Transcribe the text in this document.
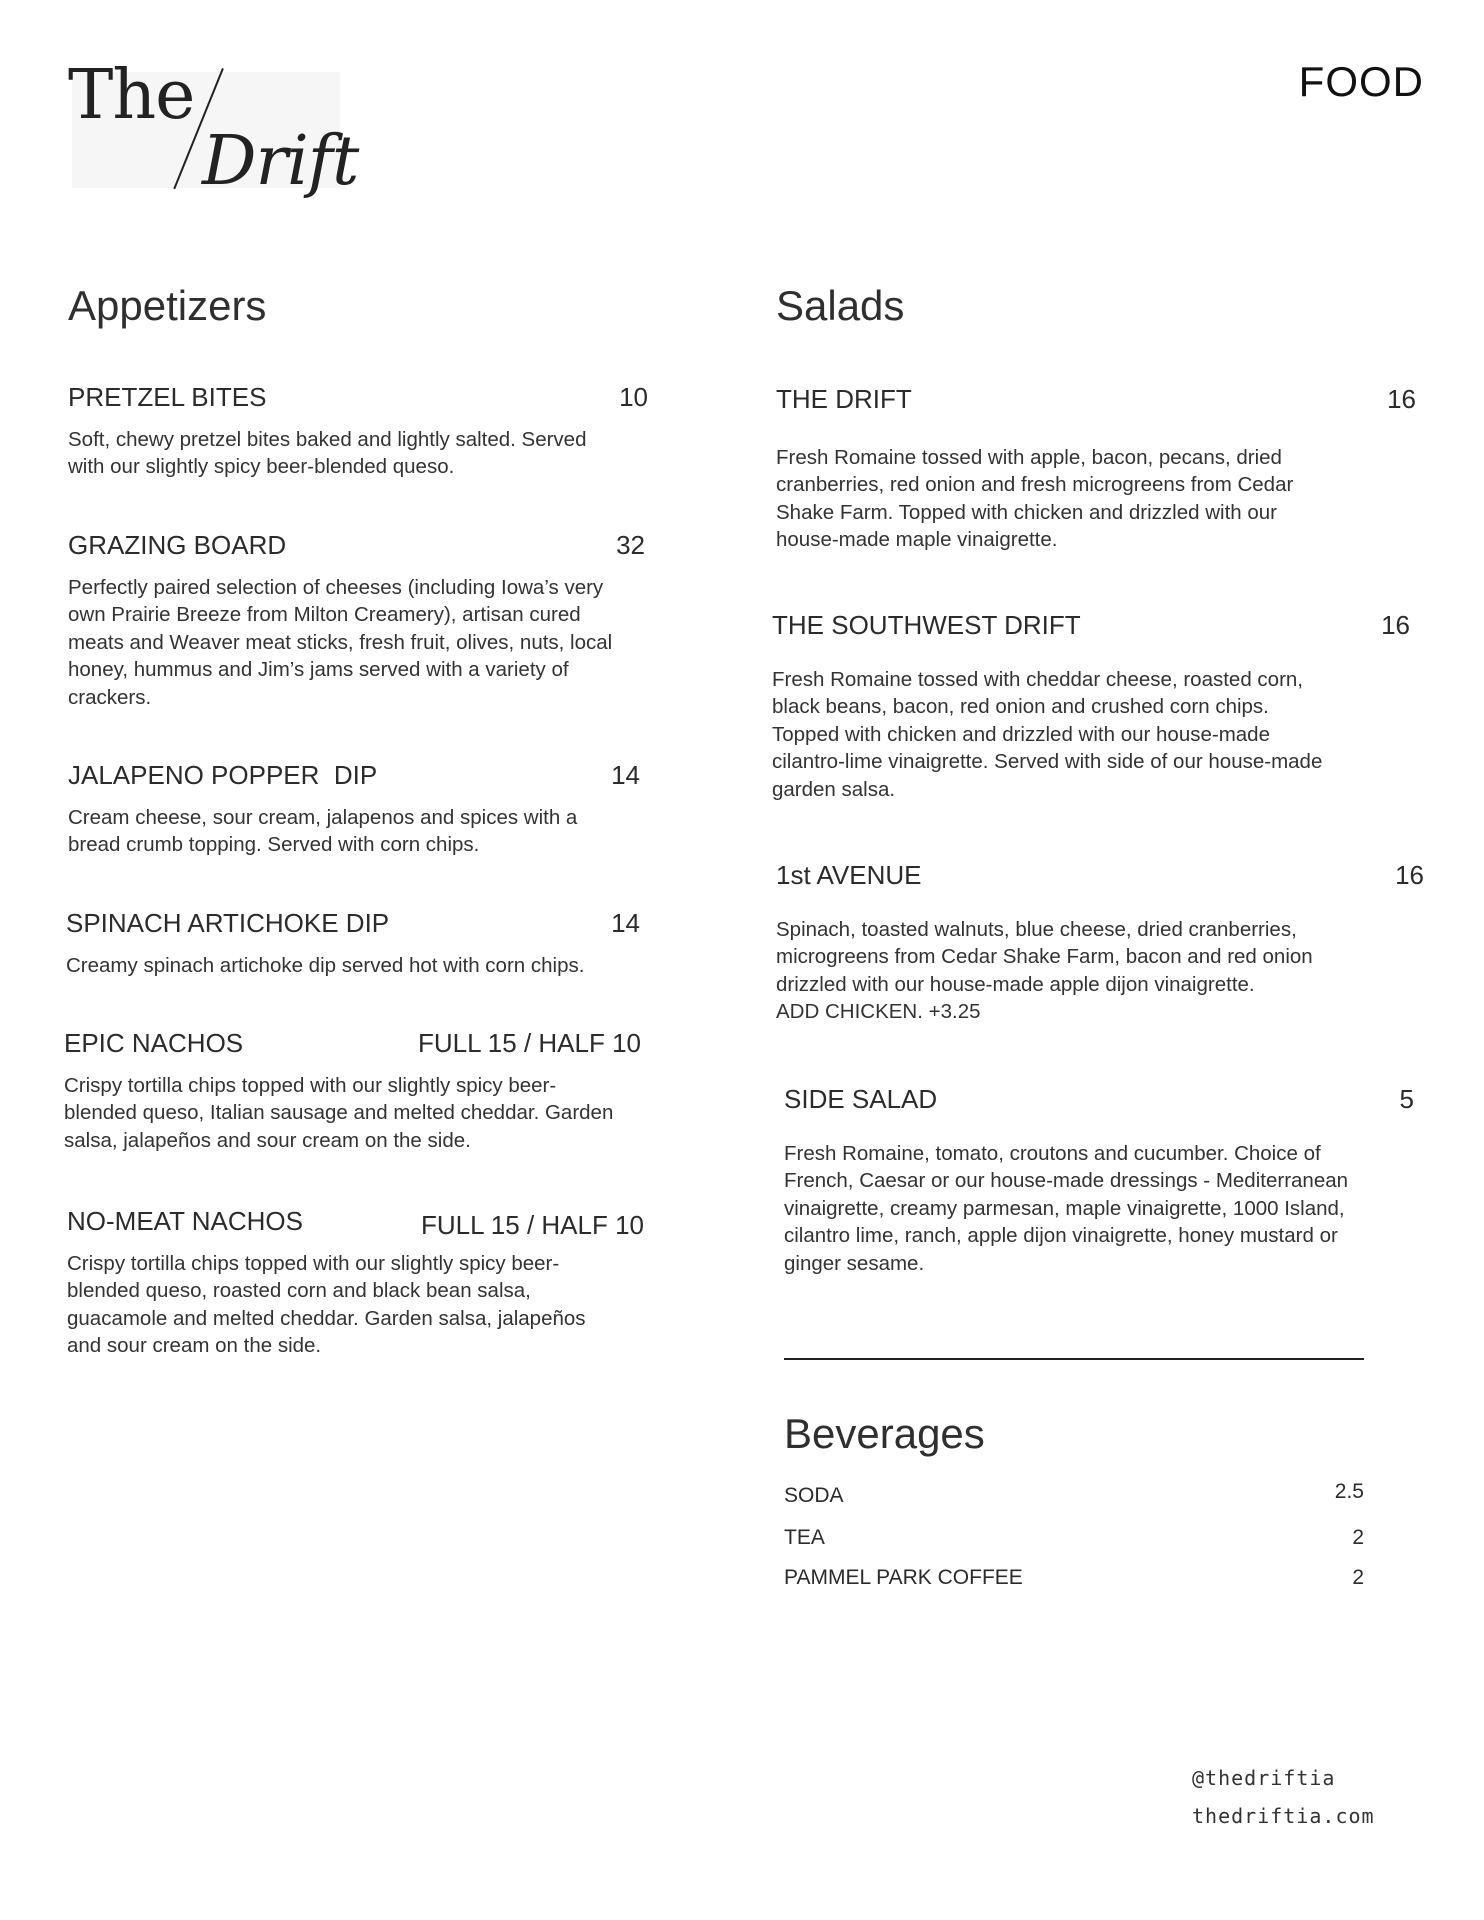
The
Drift
FOOD
Appetizers
PRETZEL BITES	10
Soft, chewy pretzel bites baked and lightly salted. Served with our slightly spicy beer-blended queso.
GRAZING BOARD	32
Perfectly paired selection of cheeses (including Iowa’s very own Prairie Breeze from Milton Creamery), artisan cured meats and Weaver meat sticks, fresh fruit, olives, nuts, local honey, hummus and Jim’s jams served with a variety of crackers.
JALAPENO POPPER  DIP	14
Cream cheese, sour cream, jalapenos and spices with a bread crumb topping. Served with corn chips.
SPINACH ARTICHOKE DIP	14
Creamy spinach artichoke dip served hot with corn chips.
EPIC NACHOS	FULL 15 / HALF 10
Crispy tortilla chips topped with our slightly spicy beer-blended queso, Italian sausage and melted cheddar. Garden salsa, jalapeños and sour cream on the side.
NO-MEAT NACHOS	FULL 15 / HALF 10
Crispy tortilla chips topped with our slightly spicy beer-blended queso, roasted corn and black bean salsa, guacamole and melted cheddar. Garden salsa, jalapeños and sour cream on the side.
Salads
THE DRIFT	16
Fresh Romaine tossed with apple, bacon, pecans, dried cranberries, red onion and fresh microgreens from Cedar Shake Farm. Topped with chicken and drizzled with our house-made maple vinaigrette.
THE SOUTHWEST DRIFT	16
Fresh Romaine tossed with cheddar cheese, roasted corn, black beans, bacon, red onion and crushed corn chips. Topped with chicken and drizzled with our house-made cilantro-lime vinaigrette. Served with side of our house-made garden salsa.
1st AVENUE	16
Spinach, toasted walnuts, blue cheese, dried cranberries, microgreens from Cedar Shake Farm, bacon and red onion drizzled with our house-made apple dijon vinaigrette.
ADD CHICKEN. +3.25
SIDE SALAD	5
Fresh Romaine, tomato, croutons and cucumber. Choice of French, Caesar or our house-made dressings - Mediterranean vinaigrette, creamy parmesan, maple vinaigrette, 1000 Island, cilantro lime, ranch, apple dijon vinaigrette, honey mustard or ginger sesame.
Beverages
SODA	2.5
TEA	2
PAMMEL PARK COFFEE	2
@thedriftia
thedriftia.com
